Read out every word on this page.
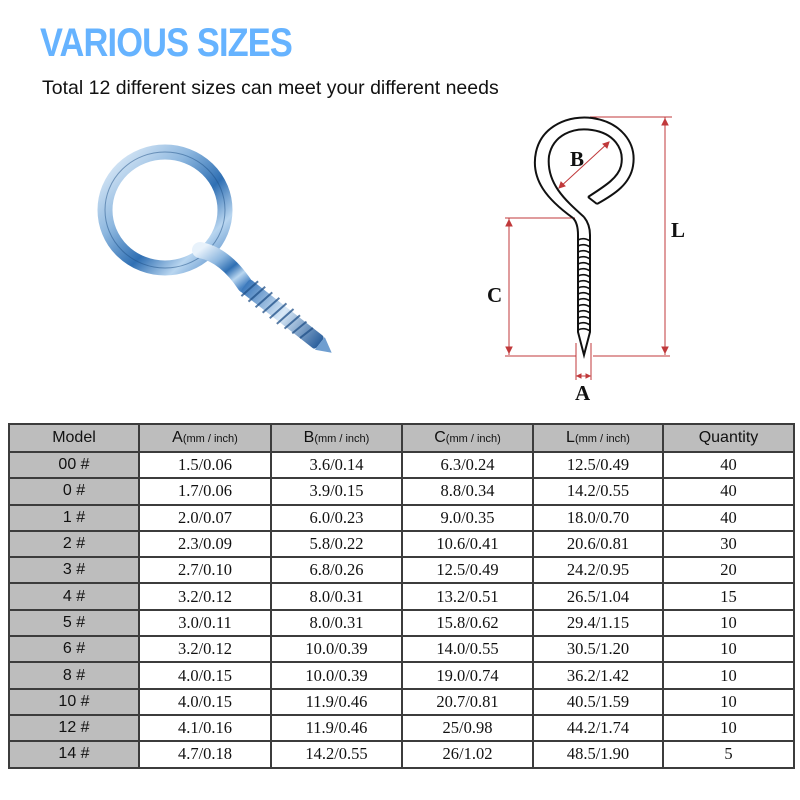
VARIOUS SIZES
Total 12 different sizes can meet your different needs
B
C
L
A
Model	A(mm / inch)	B(mm / inch)	C(mm / inch)	L(mm / inch)	Quantity
00 #	1.5/0.06	3.6/0.14	6.3/0.24	12.5/0.49	40
0 #	1.7/0.06	3.9/0.15	8.8/0.34	14.2/0.55	40
1 #	2.0/0.07	6.0/0.23	9.0/0.35	18.0/0.70	40
2 #	2.3/0.09	5.8/0.22	10.6/0.41	20.6/0.81	30
3 #	2.7/0.10	6.8/0.26	12.5/0.49	24.2/0.95	20
4 #	3.2/0.12	8.0/0.31	13.2/0.51	26.5/1.04	15
5 #	3.0/0.11	8.0/0.31	15.8/0.62	29.4/1.15	10
6 #	3.2/0.12	10.0/0.39	14.0/0.55	30.5/1.20	10
8 #	4.0/0.15	10.0/0.39	19.0/0.74	36.2/1.42	10
10 #	4.0/0.15	11.9/0.46	20.7/0.81	40.5/1.59	10
12 #	4.1/0.16	11.9/0.46	25/0.98	44.2/1.74	10
14 #	4.7/0.18	14.2/0.55	26/1.02	48.5/1.90	5
